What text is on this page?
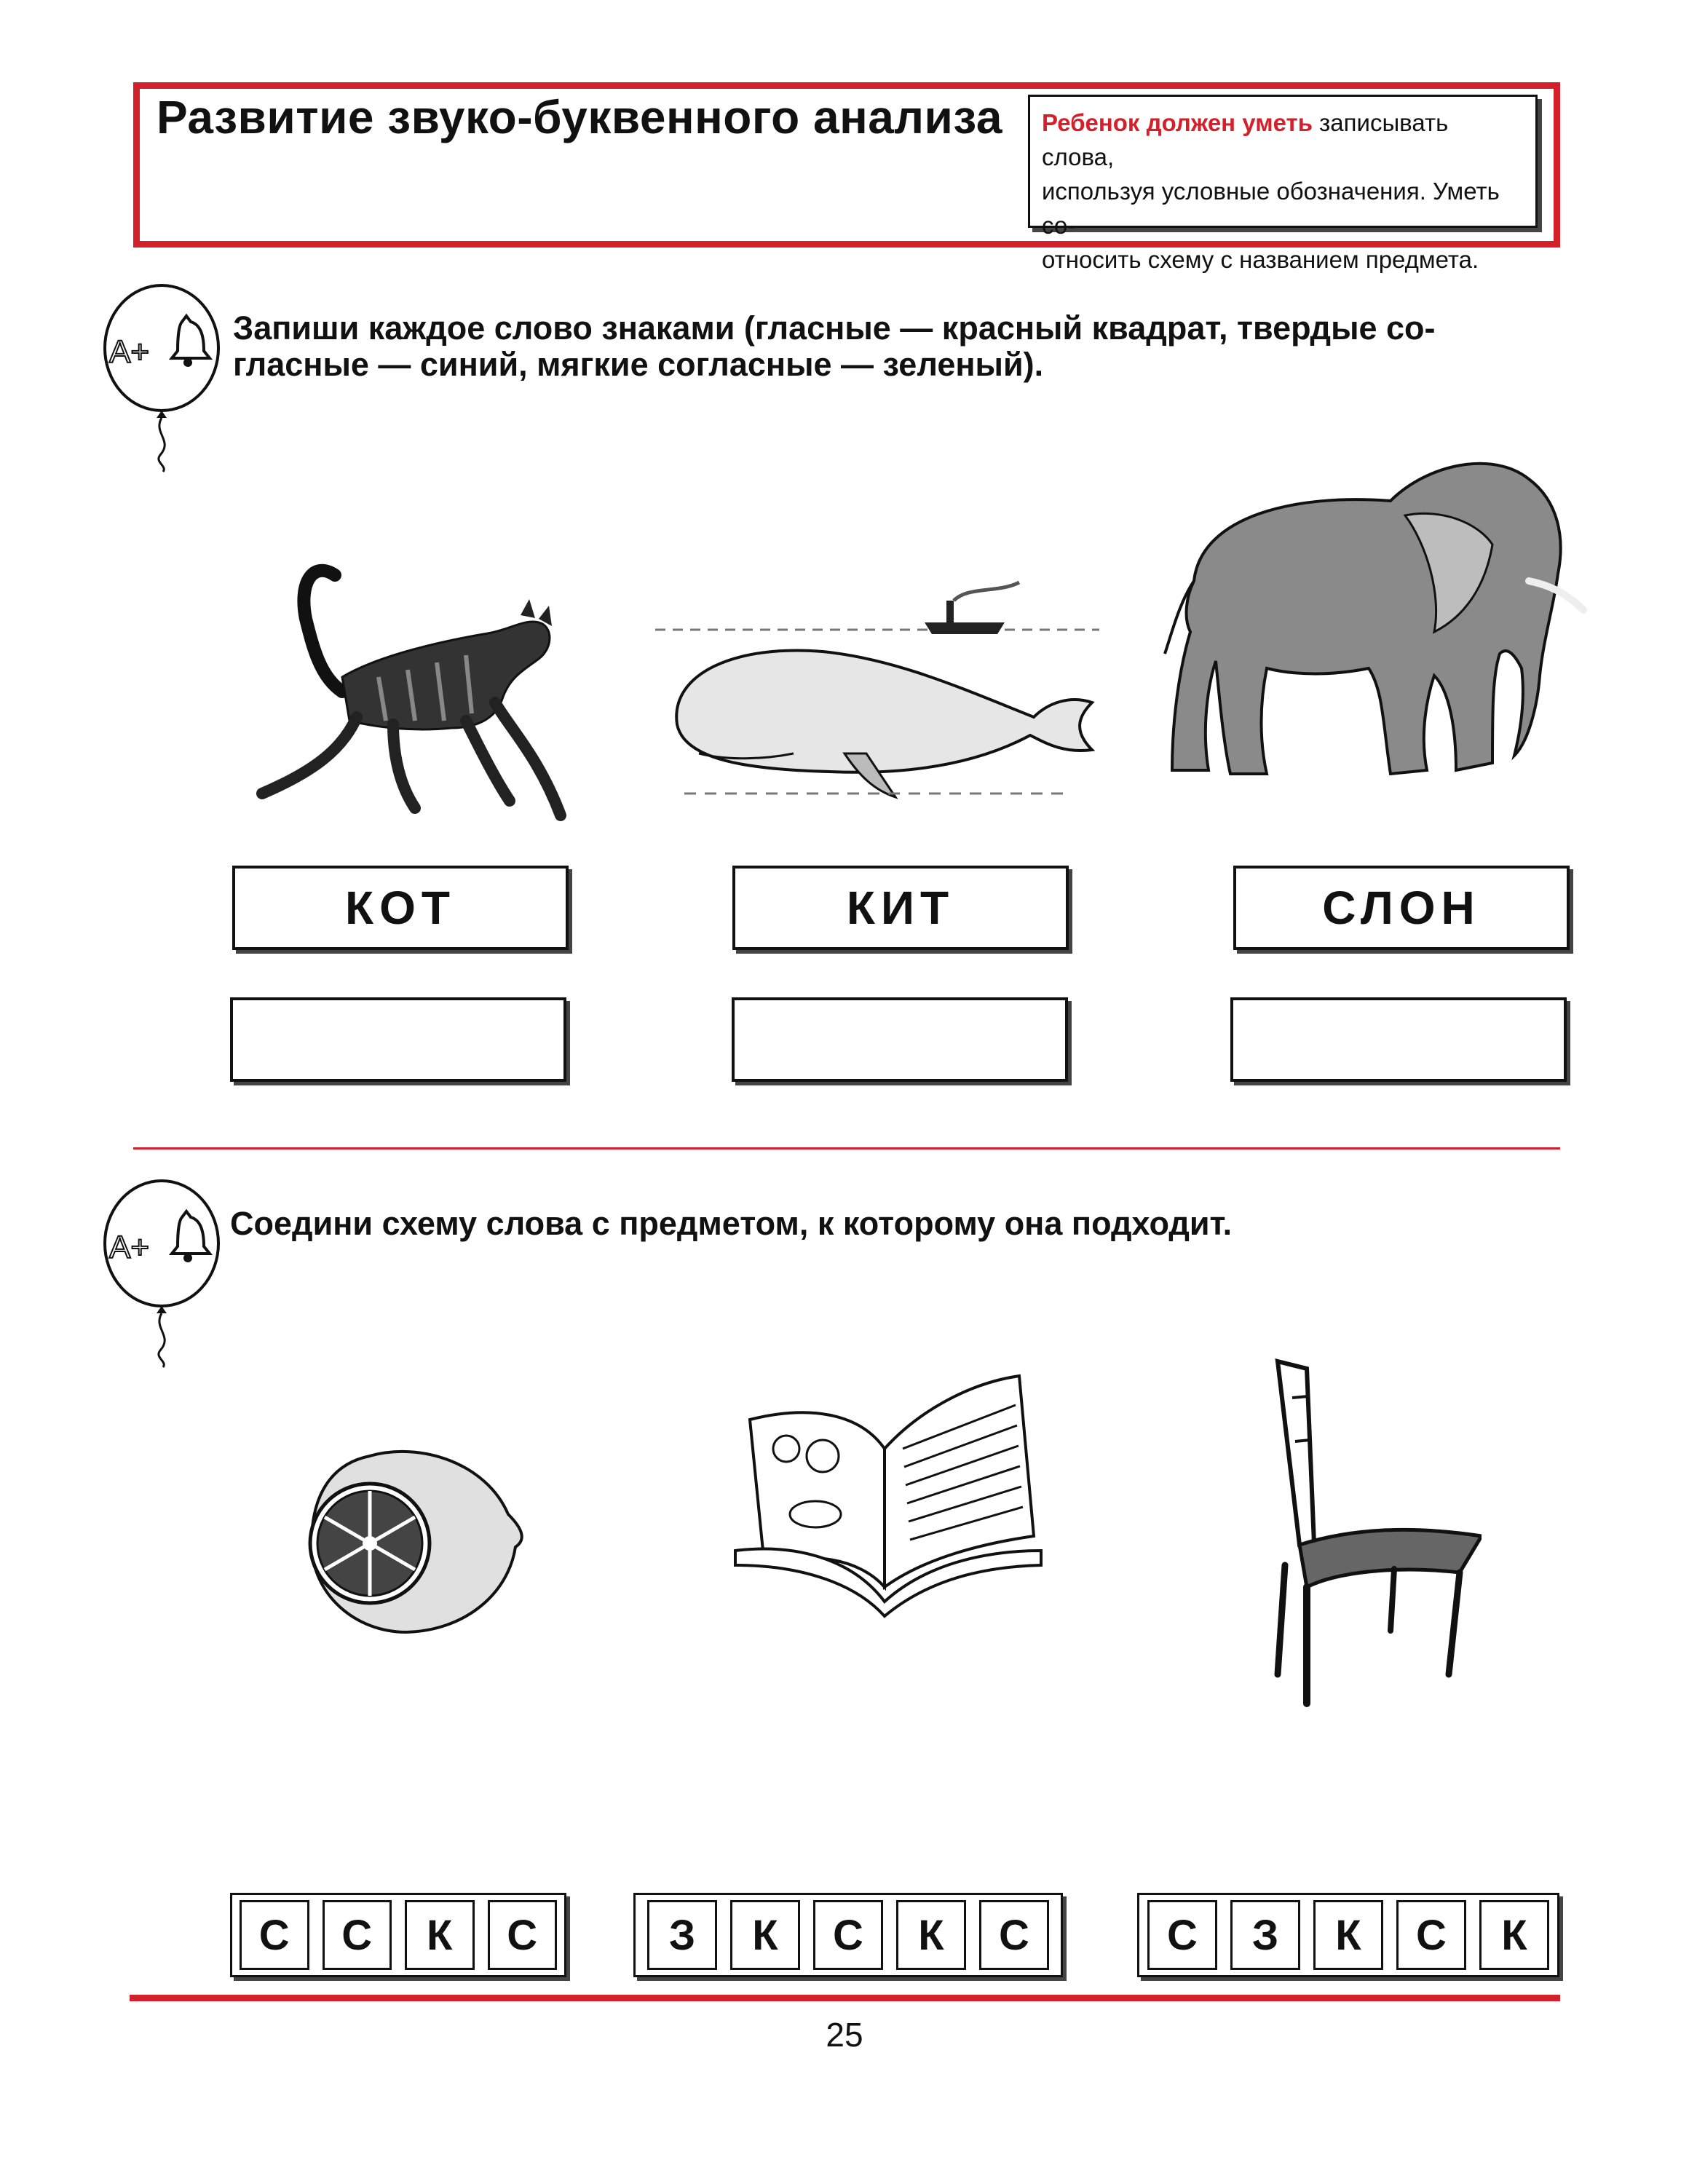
Развитие звуко-буквенного анализа	Ребенок должен уметь записывать слова,
используя условные обозначения. Уметь со-
относить схему с названием предмета.
A+
Запиши каждое слово знаками (гласные — красный квадрат, твердые со-
гласные — синий, мягкие согласные — зеленый).
КОТ	КИТ	СЛОН
A+
Соедини схему слова с предметом, к которому она подходит.
С	С	К	С	З	К	С	К	С	С	З	К	С	К
25
